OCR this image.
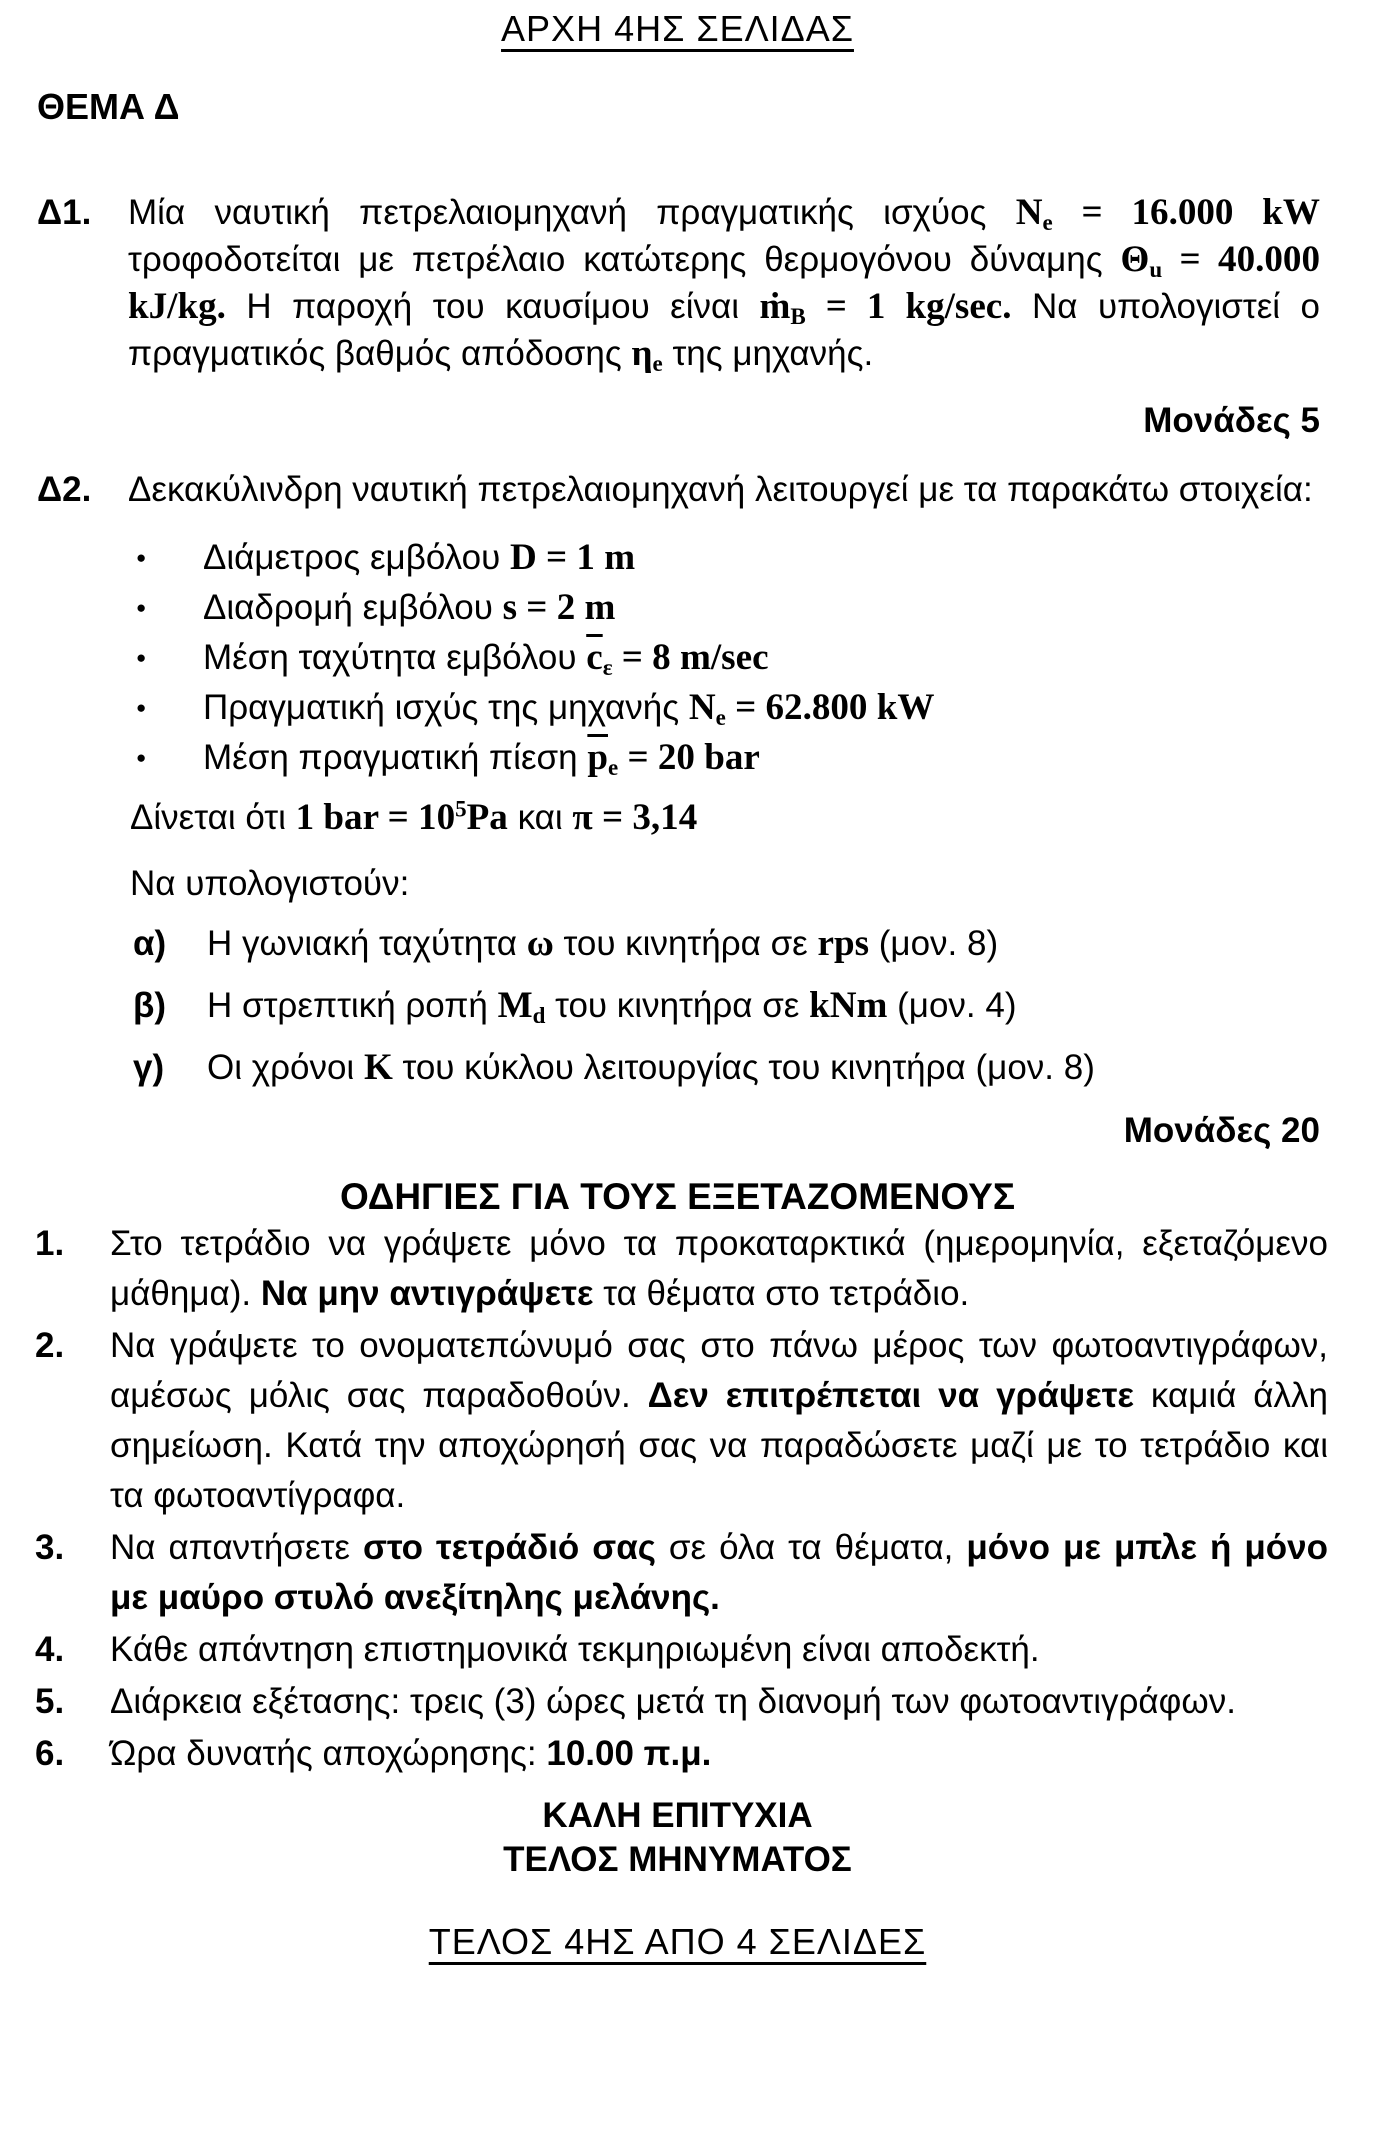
ΑΡΧΗ 4ΗΣ ΣΕΛΙΔΑΣ
ΘΕΜΑ Δ
Δ1. Μία ναυτική πετρελαιομηχανή πραγματικής ισχύος $N_e = 16.000$ kW τροφοδοτείται με πετρέλαιο κατώτερης θερμογόνου δύναμης $\Theta_u = 40.000$ kJ/kg. Η παροχή του καυσίμου είναι ṁ$_B$ = 1 kg/sec. Να υπολογιστεί ο πραγματικός βαθμός απόδοσης $\eta_e$ της μηχανής.

Μονάδες 5
Δ2. Δεκακύλινδρη ναυτική πετρελαιομηχανή λειτουργεί με τα παρακάτω στοιχεία:

● Διάμετρος εμβόλου D = 1 m
● Διαδρομή εμβόλου s = 2 m
● Μέση ταχύτητα εμβόλου $\overline{c}_\varepsilon = 8$ m/sec
● Πραγματική ισχύς της μηχανής $N_e = 62.800$ kW
● Μέση πραγματική πίεση $\overline{p}_e = 20$ bar

Δίνεται ότι 1 bar = $10^5Pa$ και π = 3,14

Να υπολογιστούν:

α) Η γωνιακή ταχύτητα ω του κινητήρα σε rps (μον. 8)

β) Η στρεπτική ροπή $M_d$ του κινητήρα σε kNm (μον. 4)

γ) Οι χρόνοι K του κύκλου λειτουργίας του κινητήρα (μον. 8)

Μονάδες 20
ΟΔΗΓΙΕΣ ΓΙΑ ΤΟΥΣ ΕΞΕΤΑΖΟΜΕΝΟΥΣ
1. Στο τετράδιο να γράψετε μόνο τα προκαταρκτικά (ημερομηνία, εξεταζόμενο μάθημα). Να μην αντιγράψετε τα θέματα στο τετράδιο.

2. Να γράψετε το ονοματεπώνυμό σας στο πάνω μέρος των φωτοαντιγράφων, αμέσως μόλις σας παραδοθούν. Δεν επιτρέπεται να γράψετε καμιά άλλη σημείωση. Κατά την αποχώρησή σας να παραδώσετε μαζί με το τετράδιο και τα φωτοαντίγραφα.

3. Να απαντήσετε στο τετράδιό σας σε όλα τα θέματα, μόνο με μπλε ή μόνο με μαύρο στυλό ανεξίτηλης μελάνης.

4. Κάθε απάντηση επιστημονικά τεκμηριωμένη είναι αποδεκτή.

5. Διάρκεια εξέτασης: τρεις (3) ώρες μετά τη διανομή των φωτοαντιγράφων.

6. Ώρα δυνατής αποχώρησης: 10.00 π.μ.

ΚΑΛΗ ΕΠΙΤΥΧΙΑ
ΤΕΛΟΣ ΜΗΝΥΜΑΤΟΣ
ΤΕΛΟΣ 4ΗΣ ΑΠΟ 4 ΣΕΛΙΔΕΣ
